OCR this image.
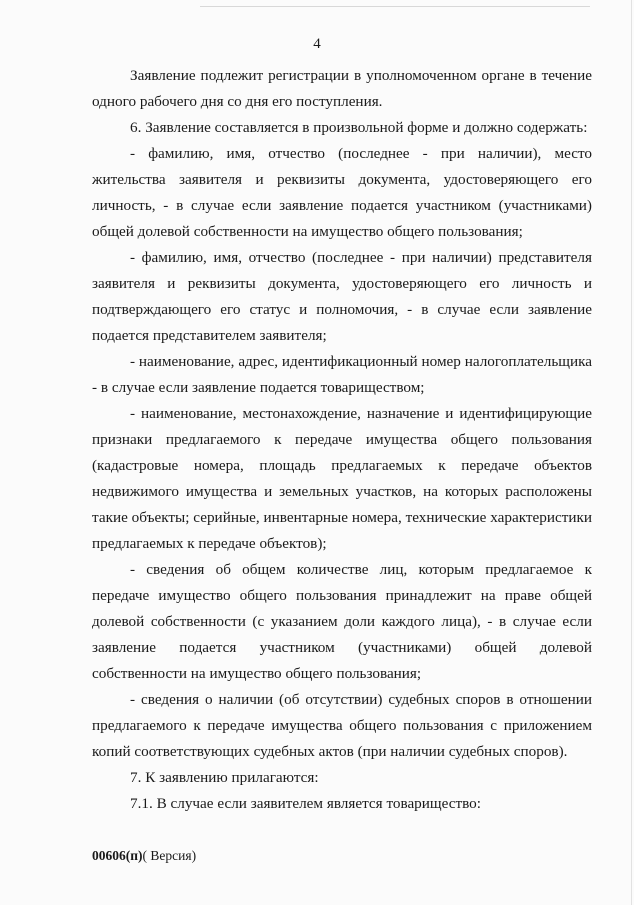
4

Заявление подлежит регистрации в уполномоченном органе в течение одного рабочего дня со дня его поступления.

6. Заявление составляется в произвольной форме и должно содержать:

- фамилию, имя, отчество (последнее - при наличии), место жительства заявителя и реквизиты документа, удостоверяющего его личность, - в случае если заявление подается участником (участниками) общей долевой собственности на имущество общего пользования;

- фамилию, имя, отчество (последнее - при наличии) представителя заявителя и реквизиты документа, удостоверяющего его личность и подтверждающего его статус и полномочия, - в случае если заявление подается представителем заявителя;

- наименование, адрес, идентификационный номер налогоплательщика - в случае если заявление подается товариществом;

- наименование, местонахождение, назначение и идентифицирующие признаки предлагаемого к передаче имущества общего пользования (кадастровые номера, площадь предлагаемых к передаче объектов недвижимого имущества и земельных участков, на которых расположены такие объекты; серийные, инвентарные номера, технические характеристики предлагаемых к передаче объектов);

- сведения об общем количестве лиц, которым предлагаемое к передаче имущество общего пользования принадлежит на праве общей долевой собственности (с указанием доли каждого лица), - в случае если заявление подается участником (участниками) общей долевой собственности на имущество общего пользования;

- сведения о наличии (об отсутствии) судебных споров в отношении предлагаемого к передаче имущества общего пользования с приложением копий соответствующих судебных актов (при наличии судебных споров).

7. К заявлению прилагаются:

7.1. В случае если заявителем является товарищество:

00606(п)( Версия)
